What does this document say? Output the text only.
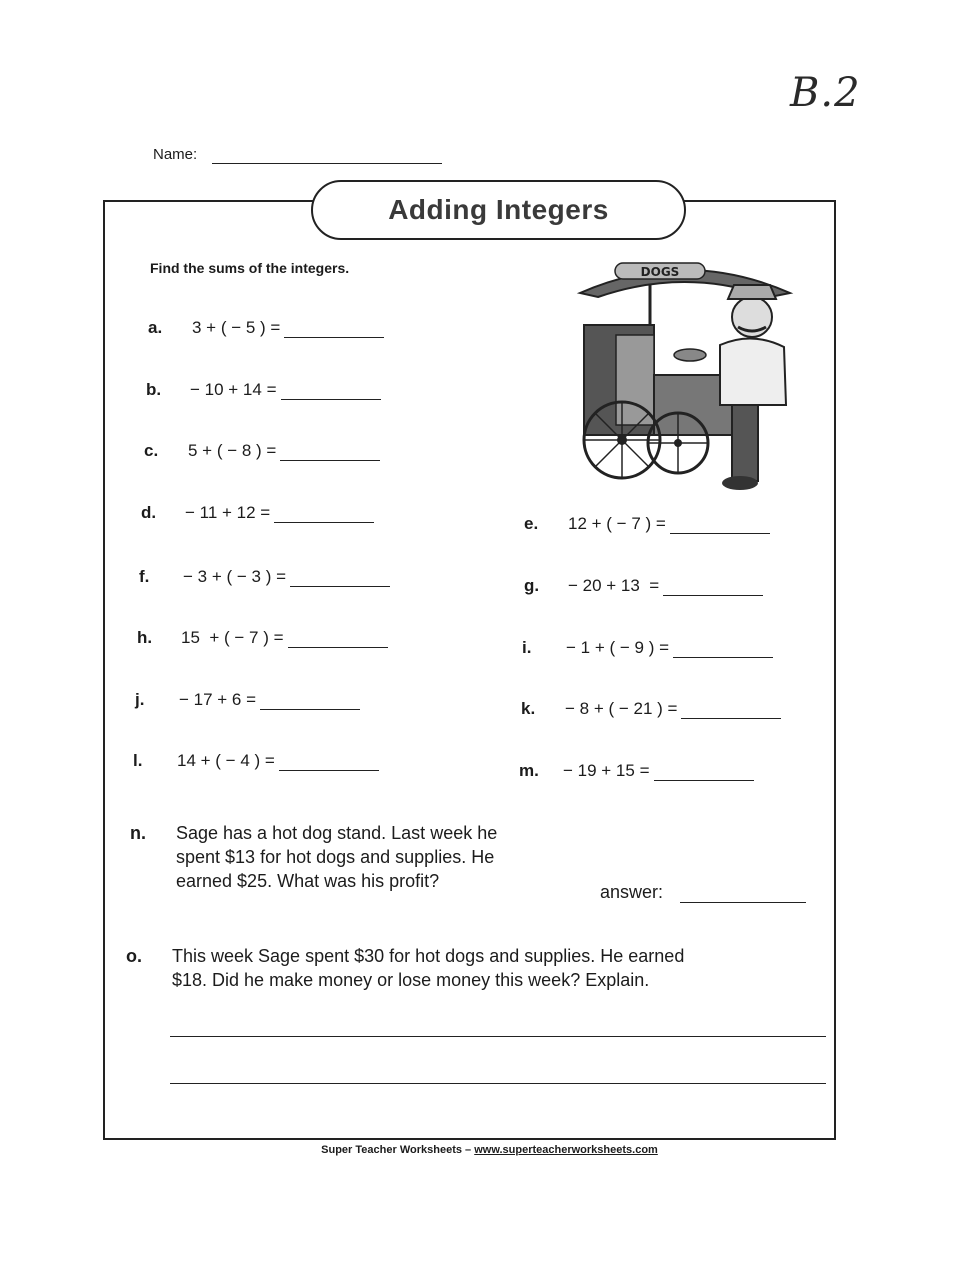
B.2
Name:
Adding Integers
Find the sums of the integers.
a.	3 + ( − 5 ) =
b.	− 10 + 14 =
c.	5 + ( − 8 ) =
d.	− 11 + 12 =
f.	− 3 + ( − 3 ) =
h.	15  + ( − 7 ) =
j.	− 17 + 6 =
l.	14 + ( − 4 ) =
e.	12 + ( − 7 ) =
g.	− 20 + 13  =
i.	− 1 + ( − 9 ) =
k.	− 8 + ( − 21 ) =
m.	− 19 + 15 =
n.	Sage has a hot dog stand. Last week he
spent $13 for hot dogs and supplies. He
earned $25. What was his profit?
answer:
o.	This week Sage spent $30 for hot dogs and supplies. He earned
$18. Did he make money or lose money this week? Explain.
DOGS
Super Teacher Worksheets – www.superteacherworksheets.com
